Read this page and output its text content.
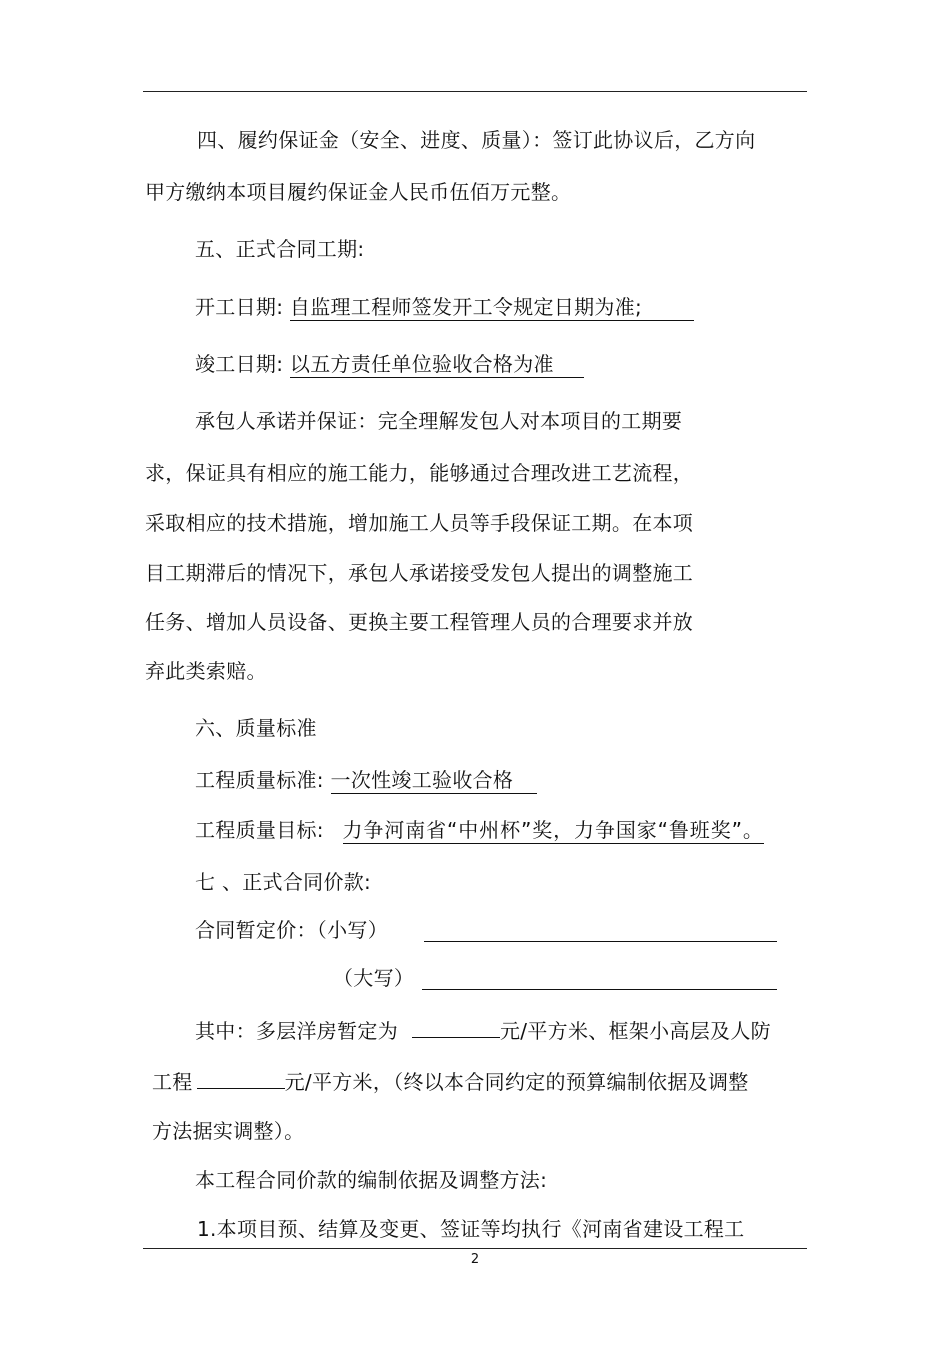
四、履约保证金（安全、进度、质量）：签订此协议后，乙方向
甲方缴纳本项目履约保证金人民币伍佰万元整。
五、正式合同工期:
开工日期: 自监理工程师签发开工令规定日期为准;
竣工日期: 以五方责任单位验收合格为准
承包人承诺并保证：完全理解发包人对本项目的工期要
求，保证具有相应的施工能力，能够通过合理改进工艺流程，
采取相应的技术措施，增加施工人员等手段保证工期。在本项
目工期滞后的情况下，承包人承诺接受发包人提出的调整施工
任务、增加人员设备、更换主要工程管理人员的合理要求并放
弃此类索赔。
六、质量标准
工程质量标准: 一次性竣工验收合格
工程质量目标: 力争河南省“中州杯”奖，力争国家“鲁班奖”。
七 、正式合同价款:
合同暂定价：（小写）
（大写）
其中：多层洋房暂定为	元/平方米、框架小高层及人防
工程	元/平方米，（终以本合同约定的预算编制依据及调整
方法据实调整）。
本工程合同价款的编制依据及调整方法:
1.本项目预、结算及变更、签证等均执行《河南省建设工程工
2
